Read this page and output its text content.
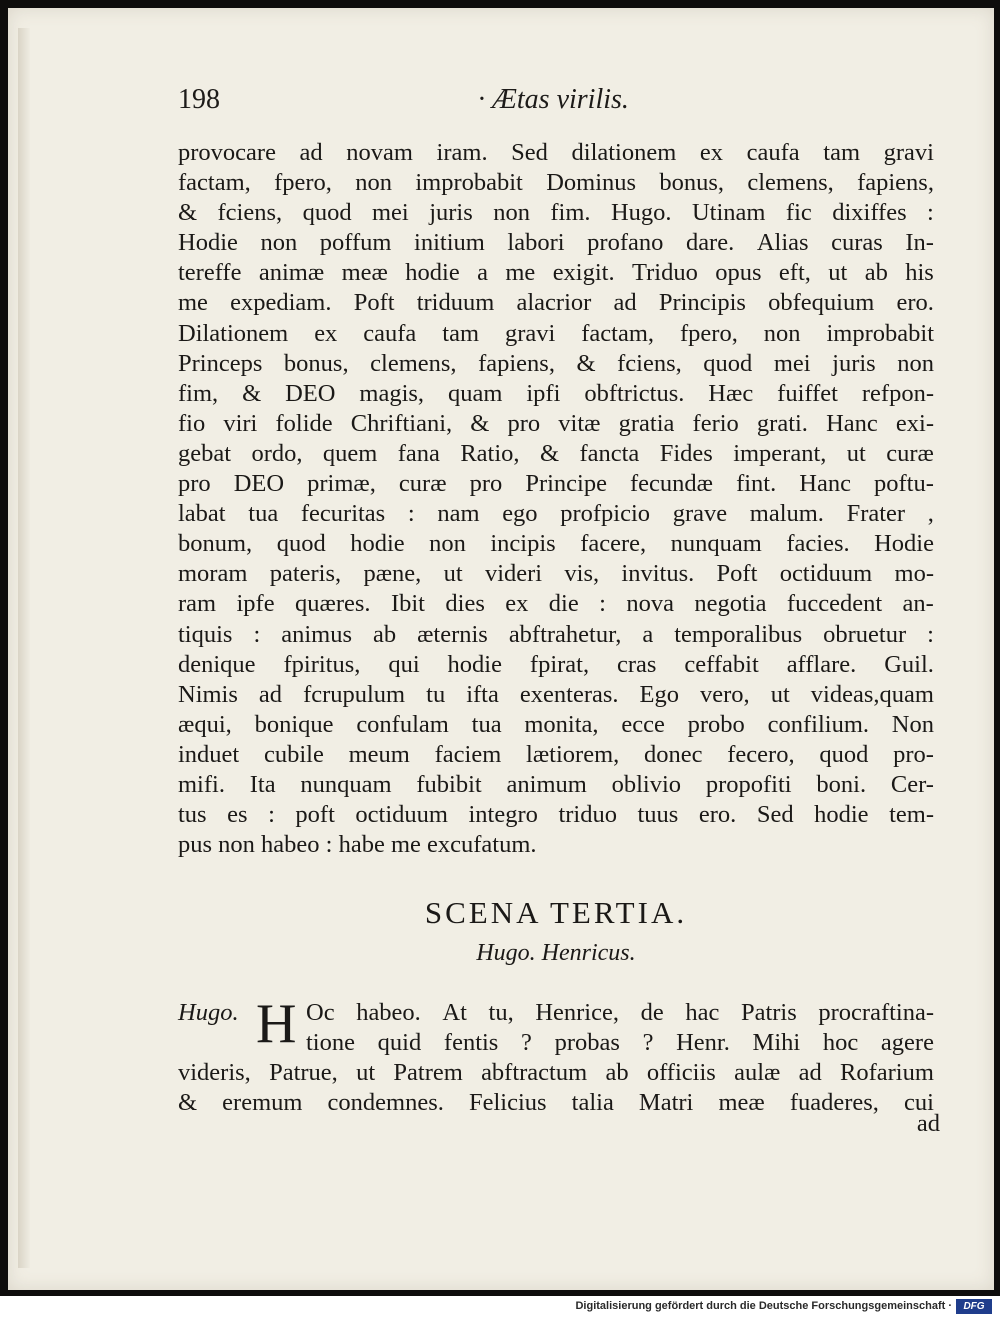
198	· Ætas virilis.
provocare ad novam iram. Sed dilationem ex caufa tam gravi
factam, fpero, non improbabit Dominus bonus, clemens, fapiens,
& fciens, quod mei juris non fim. Hugo. Utinam fic dixiffes :
Hodie non poffum initium labori profano dare. Alias curas In-
tereffe animæ meæ hodie a me exigit. Triduo opus eft, ut ab his
me expediam. Poft triduum alacrior ad Principis obfequium ero.
Dilationem ex caufa tam gravi factam, fpero, non improbabit
Princeps bonus, clemens, fapiens, & fciens, quod mei juris non
fim, & DEO magis, quam ipfi obftrictus. Hæc fuiffet refpon-
fio viri folide Chriftiani, & pro vitæ gratia ferio grati. Hanc exi-
gebat ordo, quem fana Ratio, & fancta Fides imperant, ut curæ
pro DEO primæ, curæ pro Principe fecundæ fint. Hanc poftu-
labat tua fecuritas : nam ego profpicio grave malum. Frater ,
bonum, quod hodie non incipis facere, nunquam facies. Hodie
moram pateris, pæne, ut videri vis, invitus. Poft octiduum mo-
ram ipfe quæres. Ibit dies ex die : nova negotia fuccedent an-
tiquis : animus ab æternis abftrahetur, a temporalibus obruetur :
denique fpiritus, qui hodie fpirat, cras ceffabit afflare. Guil.
Nimis ad fcrupulum tu ifta exenteras. Ego vero, ut videas,quam
æqui, bonique confulam tua monita, ecce probo confilium. Non
induet cubile meum faciem lætiorem, donec fecero, quod pro-
mifi. Ita nunquam fubibit animum oblivio propofiti boni. Cer-
tus es : poft octiduum integro triduo tuus ero. Sed hodie tem-
pus non habeo : habe me excufatum.
SCENA TERTIA.
Hugo. Henricus.
Hugo. H Oc habeo. At tu, Henrice, de hac Patris procraftina-
tione quid fentis ? probas ? Henr. Mihi hoc agere
videris, Patrue, ut Patrem abftractum ab officiis aulæ ad Rofarium
& eremum condemnes. Felicius talia Matri meæ fuaderes, cui
ad
Digitalisierung gefördert durch die Deutsche Forschungsgemeinschaft ·	DFG
